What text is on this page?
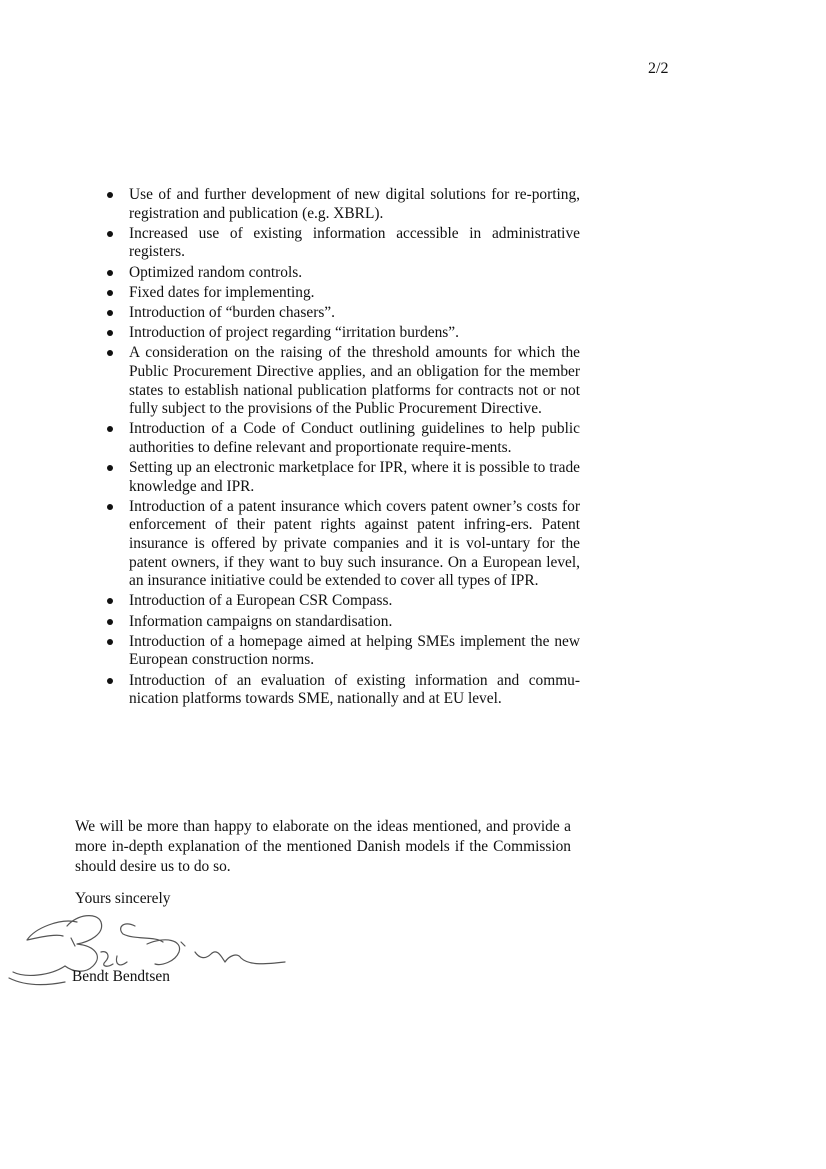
2/2
Use of and further development of new digital solutions for re-porting, registration and publication (e.g. XBRL).
Increased use of existing information accessible in administrative registers.
Optimized random controls.
Fixed dates for implementing.
Introduction of “burden chasers”.
Introduction of project regarding “irritation burdens”.
A consideration on the raising of the threshold amounts for which the Public Procurement Directive applies, and an obligation for the member states to establish national publication platforms for contracts not or not fully subject to the provisions of the Public Procurement Directive.
Introduction of a Code of Conduct outlining guidelines to help public authorities to define relevant and proportionate require-ments.
Setting up an electronic marketplace for IPR, where it is possible to trade knowledge and IPR.
Introduction of a patent insurance which covers patent owner’s costs for enforcement of their patent rights against patent infring-ers. Patent insurance is offered by private companies and it is vol-untary for the patent owners, if they want to buy such insurance. On a European level, an insurance initiative could be extended to cover all types of IPR.
Introduction of a European CSR Compass.
Information campaigns on standardisation.
Introduction of a homepage aimed at helping SMEs implement the new European construction norms.
Introduction of an evaluation of existing information and commu-nication platforms towards SME, nationally and at EU level.

We will be more than happy to elaborate on the ideas mentioned, and provide a more in-depth explanation of the mentioned Danish models if the Commission should desire us to do so.

Yours sincerely
Bendt Bendtsen
